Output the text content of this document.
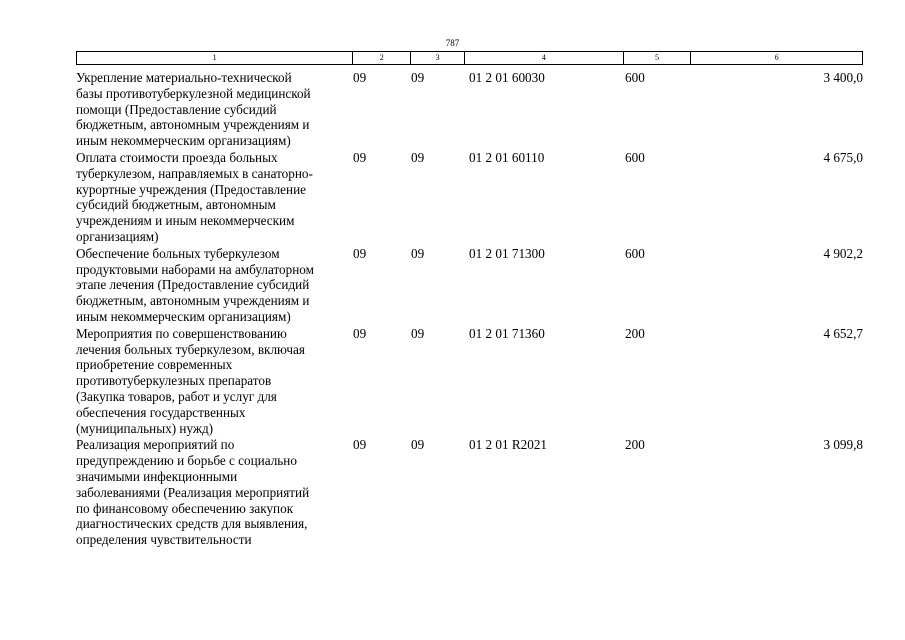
787
1	2	3	4	5	6
Укрепление материально-технической
базы противотуберкулезной медицинской
помощи (Предоставление субсидий
бюджетным, автономным учреждениям и
иным некоммерческим организациям)
09	09	01 2 01 60030	600	3 400,0
Оплата стоимости проезда больных
туберкулезом, направляемых в санаторно-
курортные учреждения (Предоставление
субсидий бюджетным, автономным
учреждениям и иным некоммерческим
организациям)
09	09	01 2 01 60110	600	4 675,0
Обеспечение больных туберкулезом
продуктовыми наборами на амбулаторном
этапе лечения (Предоставление субсидий
бюджетным, автономным учреждениям и
иным некоммерческим организациям)
09	09	01 2 01 71300	600	4 902,2
Мероприятия по совершенствованию
лечения больных туберкулезом, включая
приобретение современных
противотуберкулезных препаратов
(Закупка товаров, работ и услуг для
обеспечения государственных
(муниципальных) нужд)
09	09	01 2 01 71360	200	4 652,7
Реализация мероприятий по
предупреждению и борьбе с социально
значимыми инфекционными
заболеваниями (Реализация мероприятий
по финансовому обеспечению закупок
диагностических средств для выявления,
определения чувствительности
09	09	01 2 01 R2021	200	3 099,8
